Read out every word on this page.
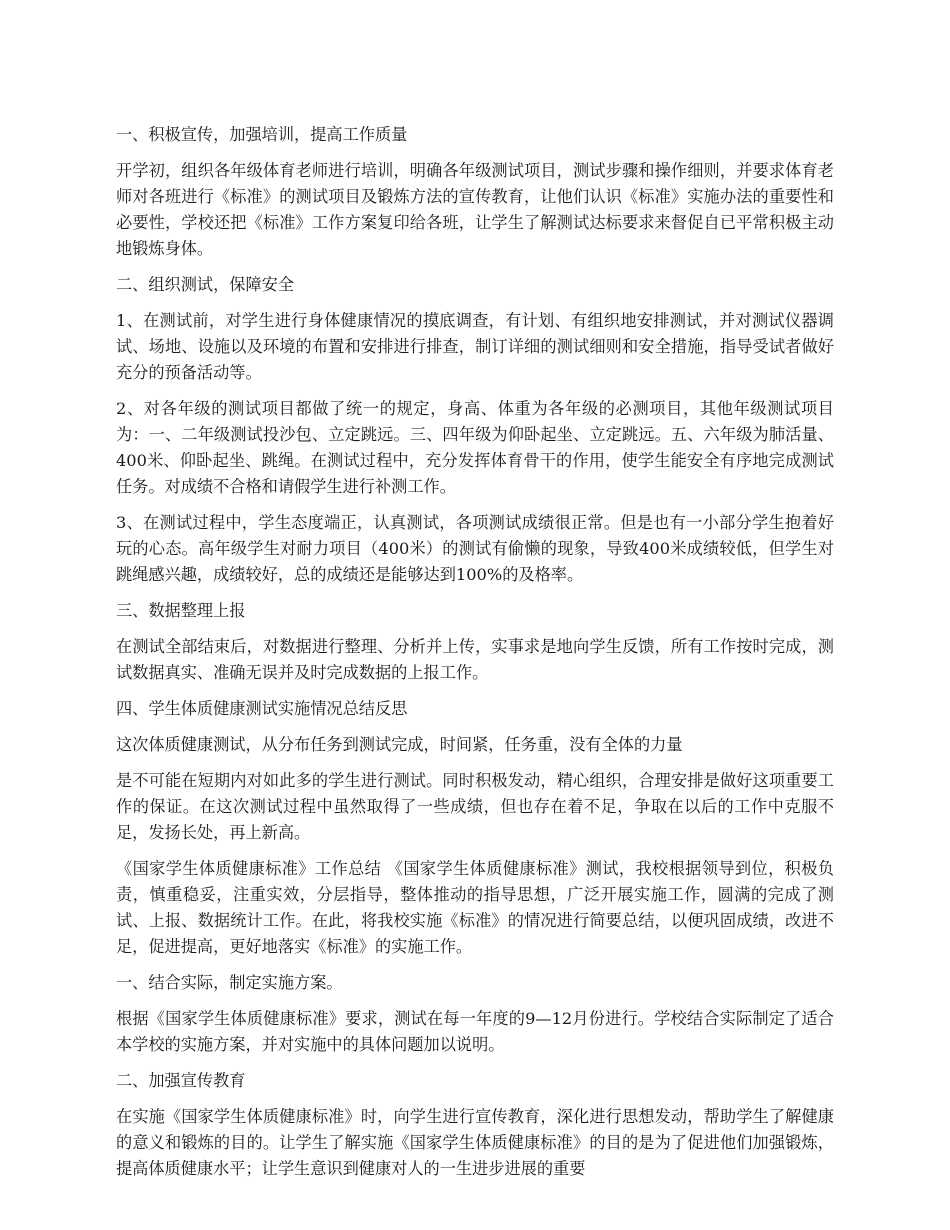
一、积极宣传，加强培训，提高工作质量

开学初，组织各年级体育老师进行培训，明确各年级测试项目，测试步骤和操作细则，并要求体育老师对各班进行《标准》的测试项目及锻炼方法的宣传教育，让他们认识《标准》实施办法的重要性和必要性，学校还把《标准》工作方案复印给各班，让学生了解测试达标要求来督促自已平常积极主动地锻炼身体。

二、组织测试，保障安全

1、在测试前，对学生进行身体健康情况的摸底调查，有计划、有组织地安排测试，并对测试仪器调试、场地、设施以及环境的布置和安排进行排查，制订详细的测试细则和安全措施，指导受试者做好充分的预备活动等。

2、对各年级的测试项目都做了统一的规定，身高、体重为各年级的必测项目，其他年级测试项目为：一、二年级测试投沙包、立定跳远。三、四年级为仰卧起坐、立定跳远。五、六年级为肺活量、400米、仰卧起坐、跳绳。在测试过程中，充分发挥体育骨干的作用，使学生能安全有序地完成测试任务。对成绩不合格和请假学生进行补测工作。

3、在测试过程中，学生态度端正，认真测试，各项测试成绩很正常。但是也有一小部分学生抱着好玩的心态。高年级学生对耐力项目（400米）的测试有偷懒的现象，导致400米成绩较低，但学生对跳绳感兴趣，成绩较好，总的成绩还是能够达到100%的及格率。

三、数据整理上报

在测试全部结束后，对数据进行整理、分析并上传，实事求是地向学生反馈，所有工作按时完成，测试数据真实、准确无误并及时完成数据的上报工作。

四、学生体质健康测试实施情况总结反思

这次体质健康测试，从分布任务到测试完成，时间紧，任务重，没有全体的力量

是不可能在短期内对如此多的学生进行测试。同时积极发动，精心组织，合理安排是做好这项重要工作的保证。在这次测试过程中虽然取得了一些成绩，但也存在着不足，争取在以后的工作中克服不足，发扬长处，再上新高。

《国家学生体质健康标准》工作总结 《国家学生体质健康标准》测试，我校根据领导到位，积极负责，慎重稳妥，注重实效，分层指导，整体推动的指导思想，广泛开展实施工作，圆满的完成了测试、上报、数据统计工作。在此，将我校实施《标准》的情况进行简要总结，以便巩固成绩，改进不足，促进提高，更好地落实《标准》的实施工作。

一、结合实际，制定实施方案。

根据《国家学生体质健康标准》要求，测试在每一年度的9—12月份进行。学校结合实际制定了适合本学校的实施方案，并对实施中的具体问题加以说明。

二、加强宣传教育

在实施《国家学生体质健康标准》时，向学生进行宣传教育，深化进行思想发动，帮助学生了解健康的意义和锻炼的目的。让学生了解实施《国家学生体质健康标准》的目的是为了促进他们加强锻炼，提高体质健康水平；让学生意识到健康对人的一生进步进展的重要
